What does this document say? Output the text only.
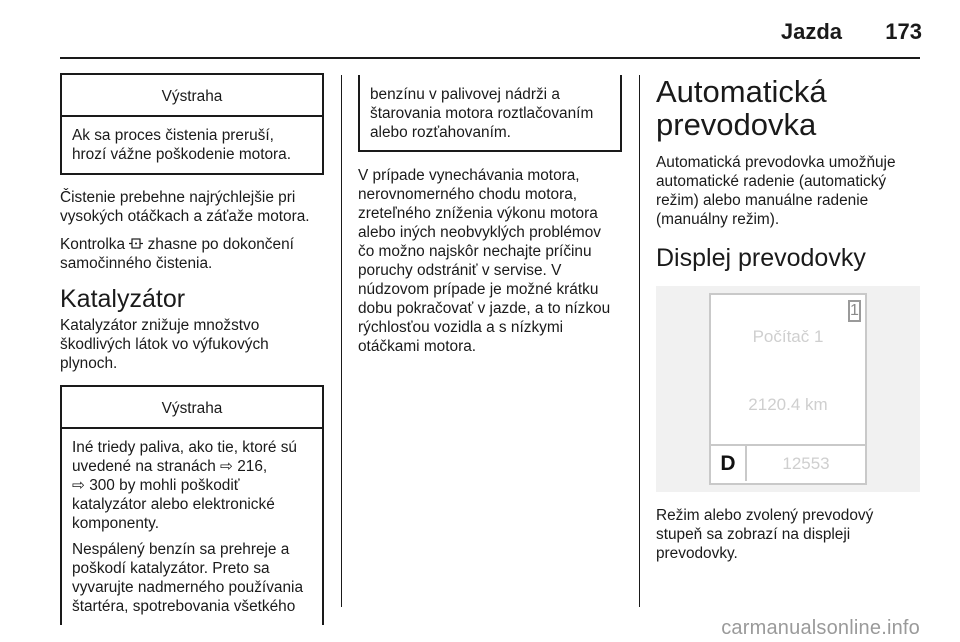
Jazda 173
Výstraha

Ak sa proces čistenia preruší,
hrozí vážne poškodenie motora.

Čistenie prebehne najrýchlejšie pri
vysokých otáčkach a záťaže motora.

Kontrolka  zhasne po dokončení
samočinného čistenia.

Katalyzátor

Katalyzátor znižuje množstvo
škodlivých látok vo výfukových
plynoch.

Výstraha

Iné triedy paliva, ako tie, ktoré sú
uvedené na stranách ⇨ 216,
⇨ 300 by mohli poškodiť
katalyzátor alebo elektronické
komponenty.

Nespálený benzín sa prehreje a
poškodí katalyzátor. Preto sa
vyvarujte nadmerného používania
štartéra, spotrebovania všetkého

benzínu v palivovej nádrži a
štarovania motora roztlačovaním
alebo rozťahovaním.

V prípade vynechávania motora,
nerovnomerného chodu motora,
zreteľného zníženia výkonu motora
alebo iných neobvyklých problémov
čo možno najskôr nechajte príčinu
poruchy odstrániť v servise. V
núdzovom prípade je možné krátku
dobu pokračovať v jazde, a to nízkou
rýchlosťou vozidla a s nízkymi
otáčkami motora.

Automatická
prevodovka

Automatická prevodovka umožňuje
automatické radenie (automatický
režim) alebo manuálne radenie
(manuálny režim).

Displej prevodovky
1
Počítač 1
2120.4 km
D	12553

Režim alebo zvolený prevodový
stupeň sa zobrazí na displeji
prevodovky.

carmanualsonline.info
